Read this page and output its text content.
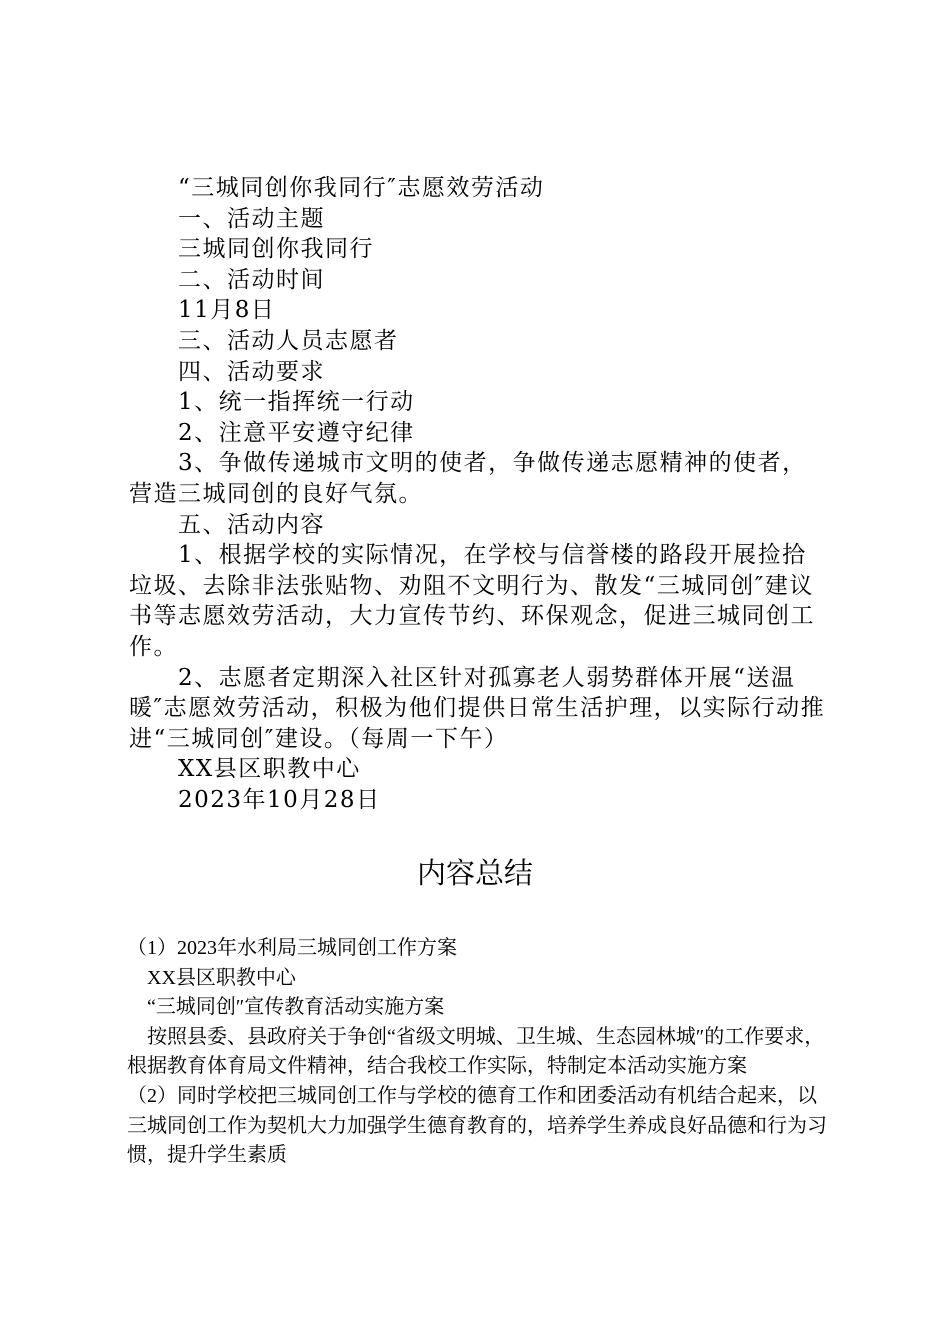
“三城同创你我同行″志愿效劳活动

一、活动主题

三城同创你我同行

二、活动时间

11月8日

三、活动人员志愿者

四、活动要求

1、统一指挥统一行动

2、注意平安遵守纪律

3、争做传递城市文明的使者，争做传递志愿精神的使者，营造三城同创的良好气氛。

五、活动内容

1、根据学校的实际情况，在学校与信誉楼的路段开展捡拾垃圾、去除非法张贴物、劝阻不文明行为、散发“三城同创″建议书等志愿效劳活动，大力宣传节约、环保观念，促进三城同创工作。

2、志愿者定期深入社区针对孤寡老人弱势群体开展“送温暖″志愿效劳活动，积极为他们提供日常生活护理，以实际行动推进“三城同创″建设。（每周一下午）

XX县区职教中心

2023年10月28日

内容总结

（1）2023年水利局三城同创工作方案

XX县区职教中心

“三城同创″宣传教育活动实施方案

按照县委、县政府关于争创“省级文明城、卫生城、生态园林城″的工作要求，根据教育体育局文件精神，结合我校工作实际，特制定本活动实施方案

（2）同时学校把三城同创工作与学校的德育工作和团委活动有机结合起来，以三城同创工作为契机大力加强学生德育教育的，培养学生养成良好品德和行为习惯，提升学生素质
